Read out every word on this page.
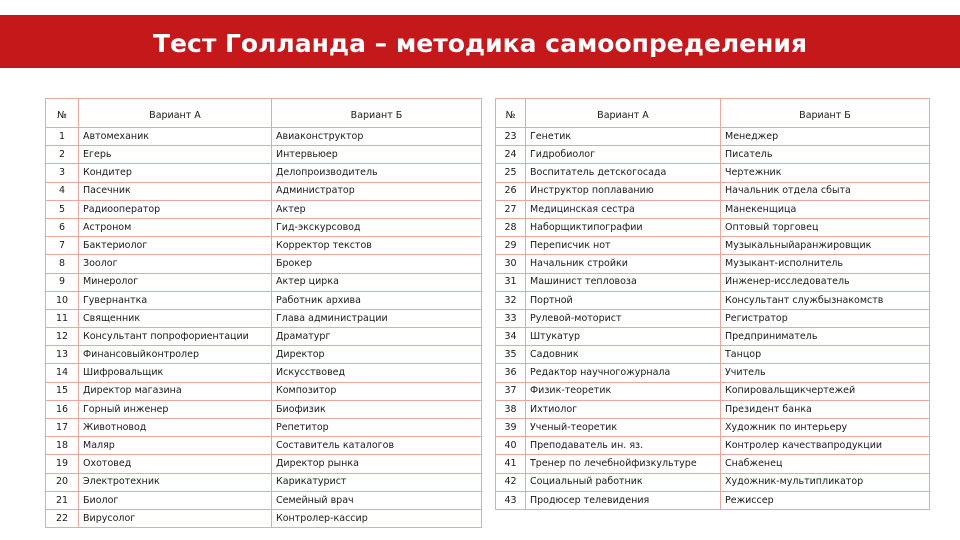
Тест Голланда – методика самоопределения
№	Вариант А	Вариант Б
1	Автомеханик	Авиаконструктор
2	Егерь	Интервьюер
3	Кондитер	Делопроизводитель
4	Пасечник	Администратор
5	Радиооператор	Актер
6	Астроном	Гид-экскурсовод
7	Бактериолог	Корректор текстов
8	Зоолог	Брокер
9	Минеролог	Актер цирка
10	Гувернантка	Работник архива
11	Священник	Глава администрации
12	Консультант попрофориентации	Драматург
13	Финансовыйконтролер	Директор
14	Шифровальщик	Искусствовед
15	Директор магазина	Композитор
16	Горный инженер	Биофизик
17	Животновод	Репетитор
18	Маляр	Составитель каталогов
19	Охотовед	Директор рынка
20	Электротехник	Карикатурист
21	Биолог	Семейный врач
22	Вирусолог	Контролер-кассир
№	Вариант А	Вариант Б
23	Генетик	Менеджер
24	Гидробиолог	Писатель
25	Воспитатель детскогосада	Чертежник
26	Инструктор поплаванию	Начальник отдела сбыта
27	Медицинская сестра	Манекенщица
28	Наборщиктипографии	Оптовый торговец
29	Переписчик нот	Музыкальныйаранжировщик
30	Начальник стройки	Музыкант-исполнитель
31	Машинист тепловоза	Инженер-исследователь
32	Портной	Консультант службызнакомств
33	Рулевой-моторист	Регистратор
34	Штукатур	Предприниматель
35	Садовник	Танцор
36	Редактор научногожурнала	Учитель
37	Физик-теоретик	Копировальщикчертежей
38	Ихтиолог	Президент банка
39	Ученый-теоретик	Художник по интерьеру
40	Преподаватель ин. яз.	Контролер качествапродукции
41	Тренер по лечебнойфизкультуре	Снабженец
42	Социальный работник	Художник-мультипликатор
43	Продюсер телевидения	Режиссер
